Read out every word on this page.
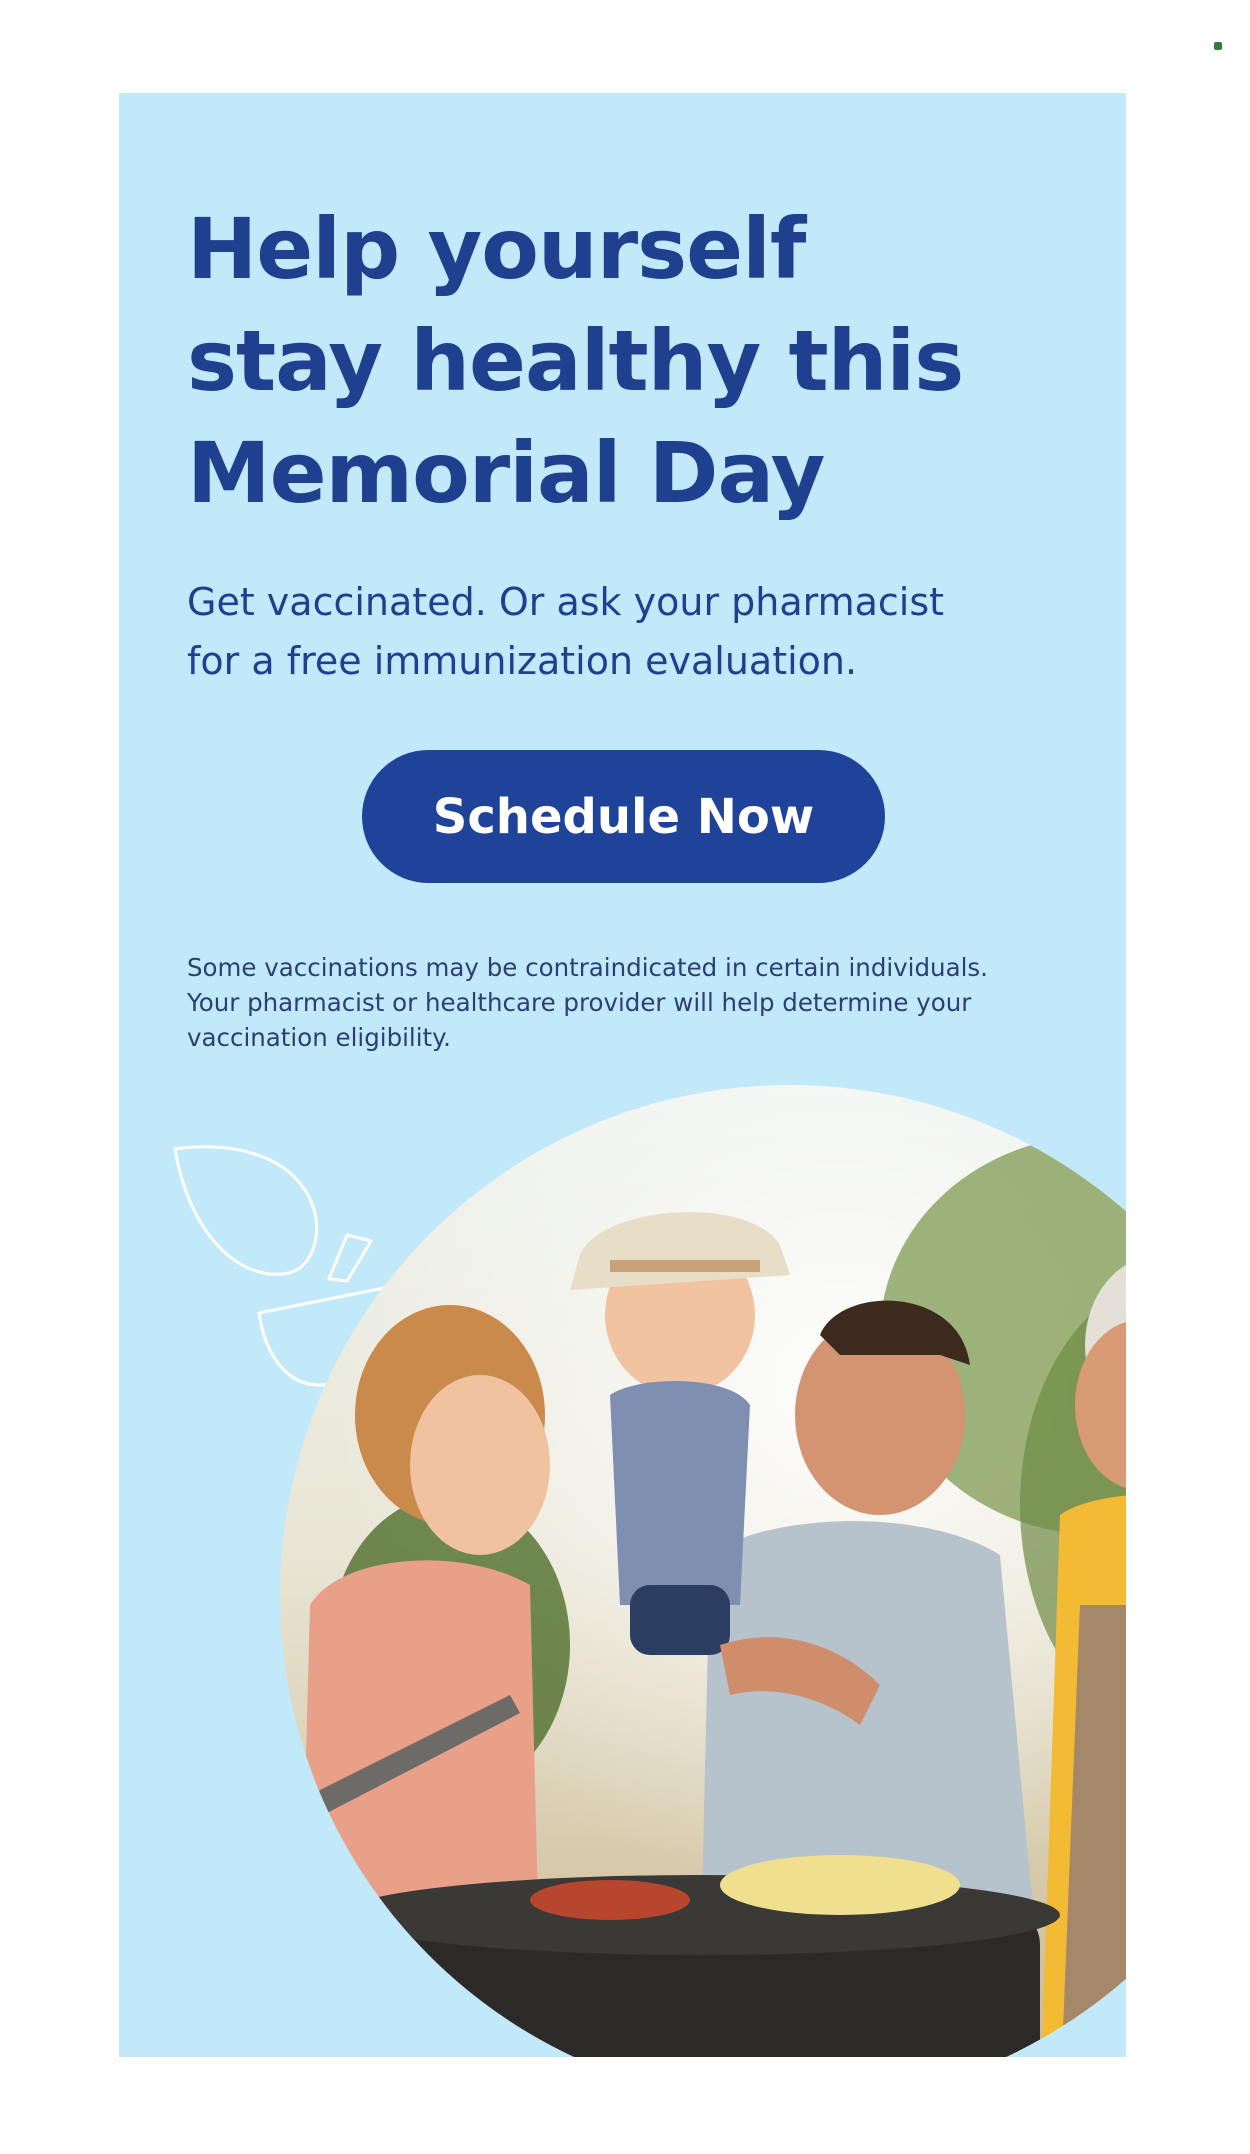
Help yourself
stay healthy this
Memorial Day

Get vaccinated. Or ask your pharmacist
for a free immunization evaluation.

Schedule Now

Some vaccinations may be contraindicated in certain individuals.
Your pharmacist or healthcare provider will help determine your
vaccination eligibility.
